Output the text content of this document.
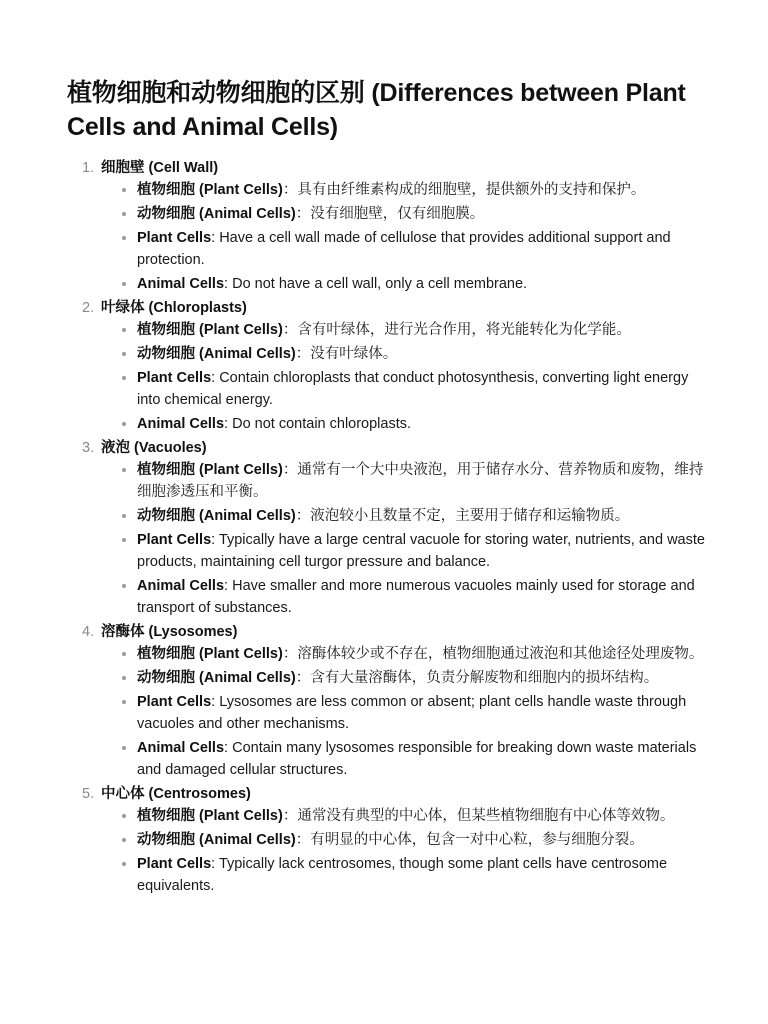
植物细胞和动物细胞的区别 (Differences between Plant Cells and Animal Cells)
1. 细胞壁 (Cell Wall)
植物细胞 (Plant Cells)：具有由纤维素构成的细胞壁，提供额外的支持和保护。
动物细胞 (Animal Cells)：没有细胞壁，仅有细胞膜。
Plant Cells: Have a cell wall made of cellulose that provides additional support and protection.
Animal Cells: Do not have a cell wall, only a cell membrane.
2. 叶绿体 (Chloroplasts)
植物细胞 (Plant Cells)：含有叶绿体，进行光合作用，将光能转化为化学能。
动物细胞 (Animal Cells)：没有叶绿体。
Plant Cells: Contain chloroplasts that conduct photosynthesis, converting light energy into chemical energy.
Animal Cells: Do not contain chloroplasts.
3. 液泡 (Vacuoles)
植物细胞 (Plant Cells)：通常有一个大中央液泡，用于储存水分、营养物质和废物，维持细胞渗透压和平衡。
动物细胞 (Animal Cells)：液泡较小且数量不定，主要用于储存和运输物质。
Plant Cells: Typically have a large central vacuole for storing water, nutrients, and waste products, maintaining cell turgor pressure and balance.
Animal Cells: Have smaller and more numerous vacuoles mainly used for storage and transport of substances.
4. 溶酶体 (Lysosomes)
植物细胞 (Plant Cells)：溶酶体较少或不存在，植物细胞通过液泡和其他途径处理废物。
动物细胞 (Animal Cells)：含有大量溶酶体，负责分解废物和细胞内的损坏结构。
Plant Cells: Lysosomes are less common or absent; plant cells handle waste through vacuoles and other mechanisms.
Animal Cells: Contain many lysosomes responsible for breaking down waste materials and damaged cellular structures.
5. 中心体 (Centrosomes)
植物细胞 (Plant Cells)：通常没有典型的中心体，但某些植物细胞有中心体等效物。
动物细胞 (Animal Cells)：有明显的中心体，包含一对中心粒，参与细胞分裂。
Plant Cells: Typically lack centrosomes, though some plant cells have centrosome equivalents.
